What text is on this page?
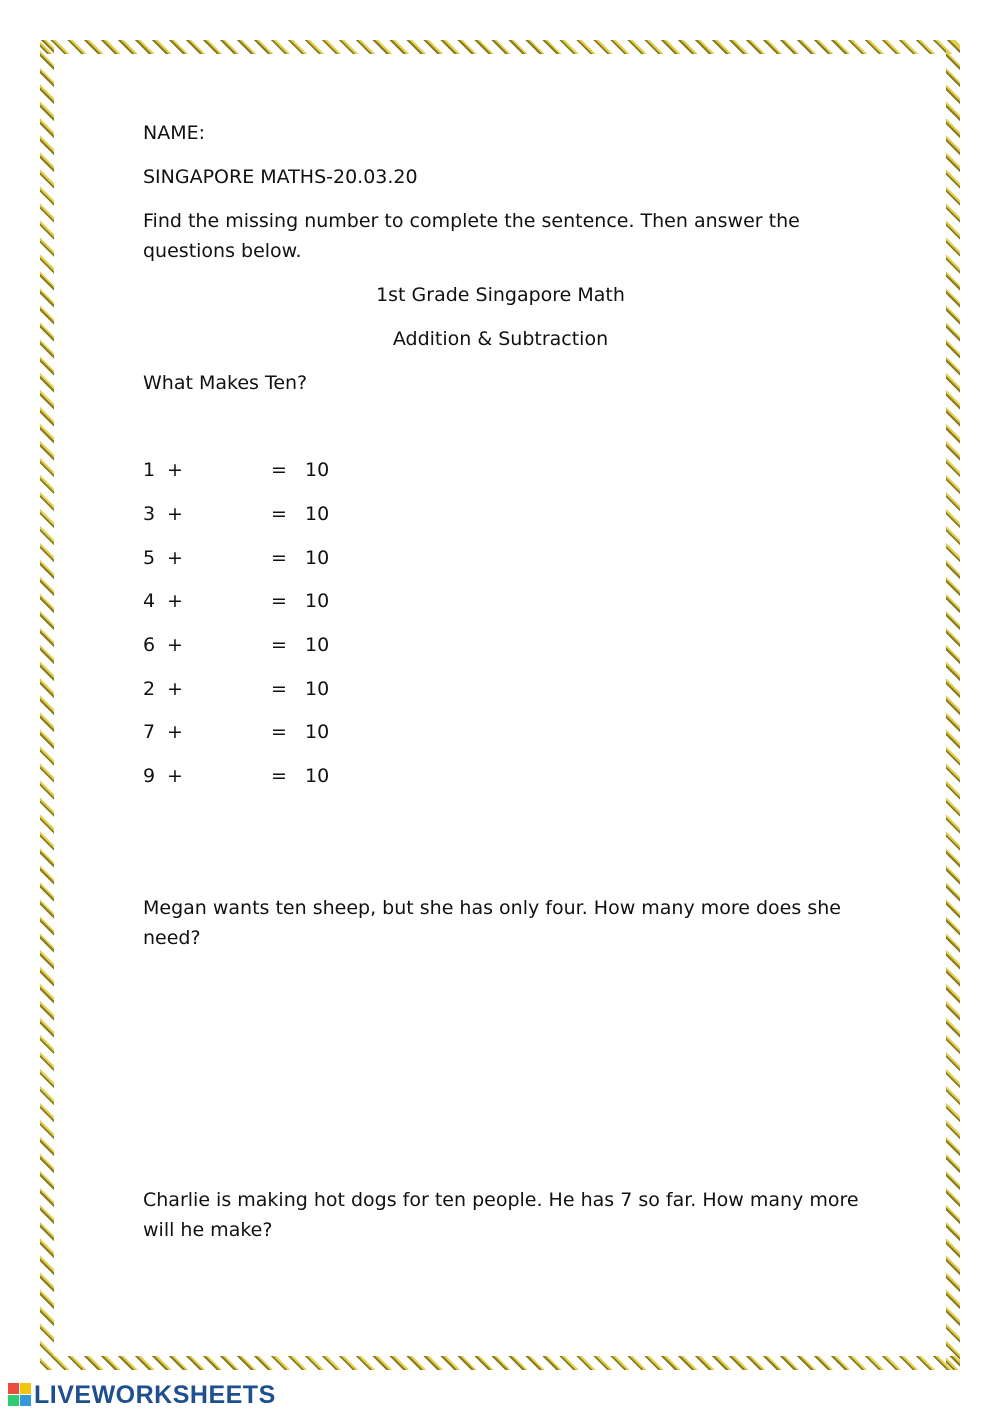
NAME:
SINGAPORE MATHS-20.03.20
Find the missing number to complete the sentence. Then answer the questions below.
1st Grade Singapore Math
Addition & Subtraction
What Makes Ten?
1 +	= 10
3 +	= 10
5 +	= 10
4 +	= 10
6 +	= 10
2 +	= 10
7 +	= 10
9 +	= 10
Megan wants ten sheep, but she has only four. How many more does she need?
Charlie is making hot dogs for ten people. He has 7 so far. How many more will he make?
LIVEWORKSHEETS
